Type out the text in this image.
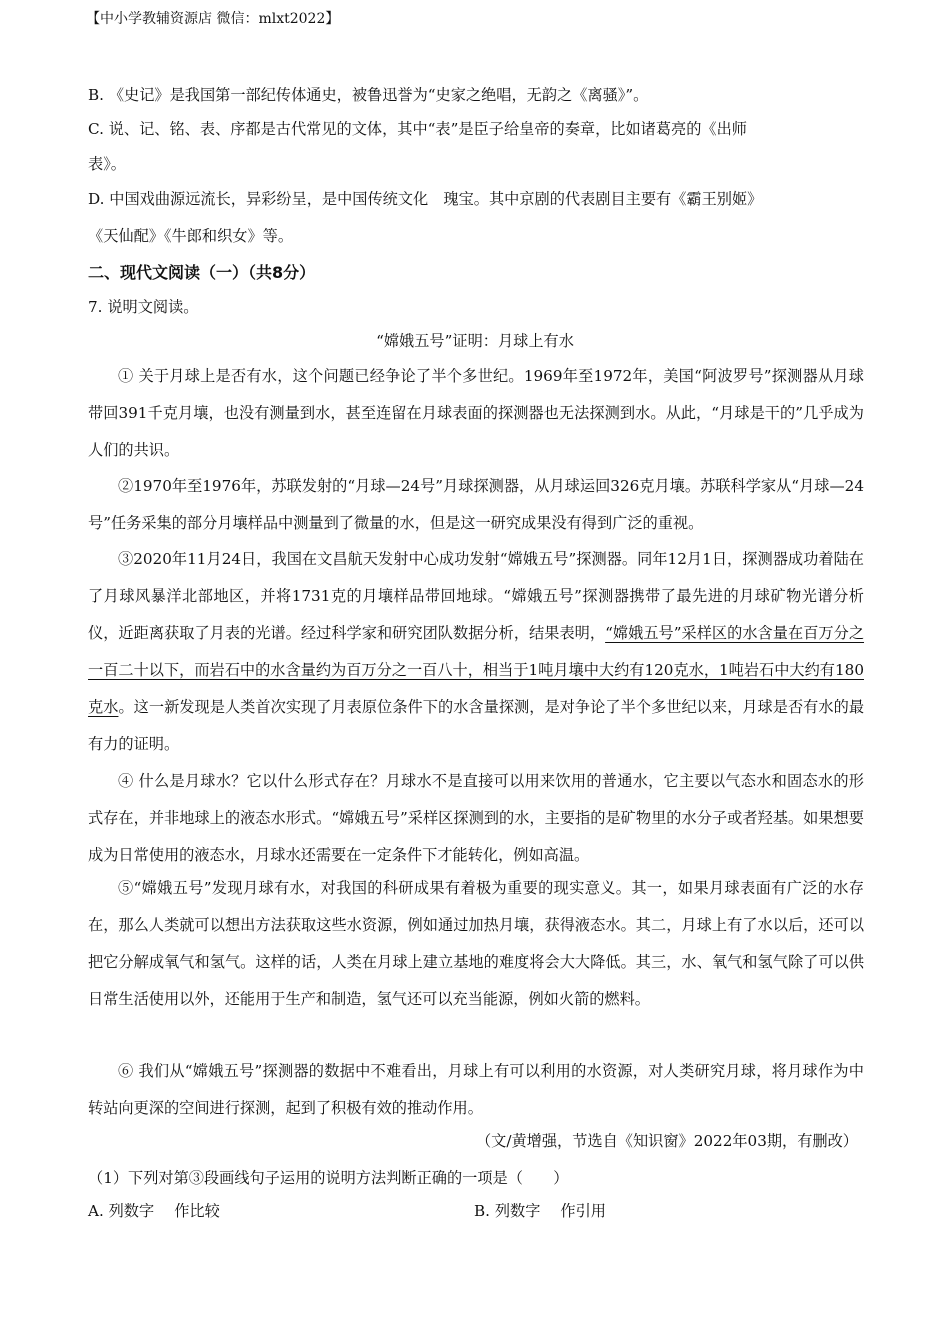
【中小学教辅资源店 微信：mlxt2022】
B. 《史记》是我国第一部纪传体通史，被鲁迅誉为“史家之绝唱，无韵之《离骚》”。
C. 说、记、铭、表、序都是古代常见的文体，其中“表”是臣子给皇帝的奏章，比如诸葛亮的《出师
表》。
D. 中国戏曲源远流长，异彩纷呈，是中国传统文化　瑰宝。其中京剧的代表剧目主要有《霸王别姬》
《天仙配》《牛郎和织女》等。
二、现代文阅读（一）（共8分）
7. 说明文阅读。
“嫦娥五号”证明：月球上有水
① 关于月球上是否有水，这个问题已经争论了半个多世纪。1969年至1972年，美国“阿波罗号”探测器从月球带回391千克月壤，也没有测量到水，甚至连留在月球表面的探测器也无法探测到水。从此，“月球是干的”几乎成为人们的共识。
②1970年至1976年，苏联发射的“月球—24号”月球探测器，从月球运回326克月壤。苏联科学家从“月球—24号”任务采集的部分月壤样品中测量到了微量的水，但是这一研究成果没有得到广泛的重视。
③2020年11月24日，我国在文昌航天发射中心成功发射“嫦娥五号”探测器。同年12月1日，探测器成功着陆在了月球风暴洋北部地区，并将1731克的月壤样品带回地球。“嫦娥五号”探测器携带了最先进的月球矿物光谱分析仪，近距离获取了月表的光谱。经过科学家和研究团队数据分析，结果表明，“嫦娥五号”采样区的水含量在百万分之一百二十以下，而岩石中的水含量约为百万分之一百八十，相当于1吨月壤中大约有120克水，1吨岩石中大约有180克水。这一新发现是人类首次实现了月表原位条件下的水含量探测，是对争论了半个多世纪以来，月球是否有水的最有力的证明。
④ 什么是月球水？它以什么形式存在？月球水不是直接可以用来饮用的普通水，它主要以气态水和固态水的形式存在，并非地球上的液态水形式。“嫦娥五号”采样区探测到的水，主要指的是矿物里的水分子或者羟基。如果想要成为日常使用的液态水，月球水还需要在一定条件下才能转化，例如高温。
⑤“嫦娥五号”发现月球有水，对我国的科研成果有着极为重要的现实意义。其一，如果月球表面有广泛的水存在，那么人类就可以想出方法获取这些水资源，例如通过加热月壤，获得液态水。其二，月球上有了水以后，还可以把它分解成氧气和氢气。这样的话，人类在月球上建立基地的难度将会大大降低。其三，水、氧气和氢气除了可以供日常生活使用以外，还能用于生产和制造，氢气还可以充当能源，例如火箭的燃料。
⑥ 我们从“嫦娥五号”探测器的数据中不难看出，月球上有可以利用的水资源，对人类研究月球，将月球作为中转站向更深的空间进行探测，起到了积极有效的推动作用。
（文/黄增强，节选自《知识窗》2022年03期，有删改）
（1）下列对第③段画线句子运用的说明方法判断正确的一项是（　　）
A. 列数字　 作比较	B. 列数字　 作引用
